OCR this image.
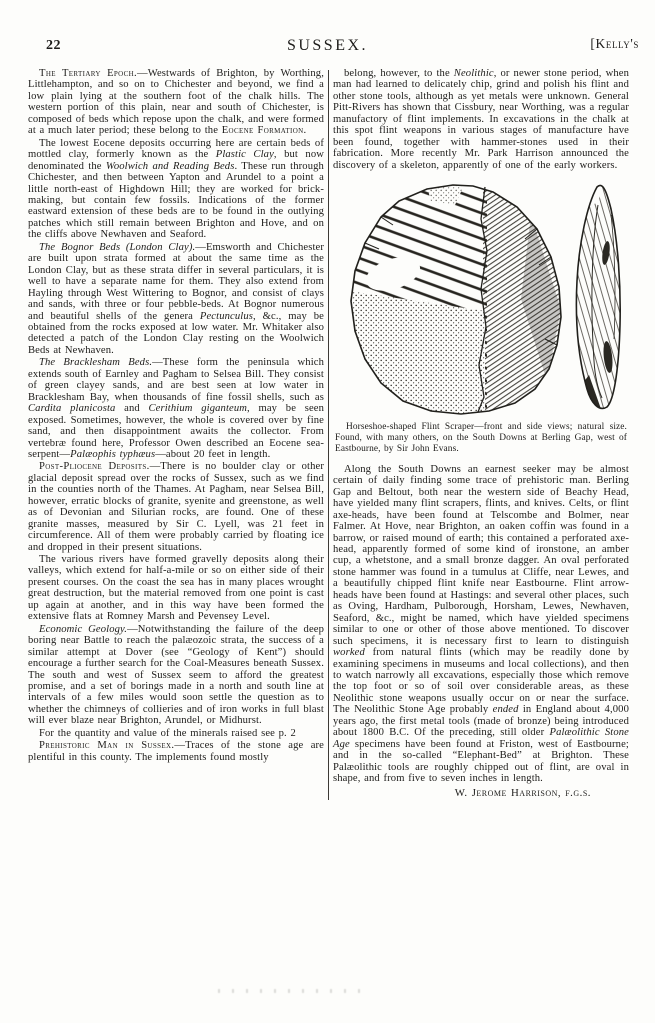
22	SUSSEX.	[Kelly's

The Tertiary Epoch.—Westwards of Brighton, by Worthing, Littlehampton, and so on to Chichester and beyond, we find a low plain lying at the southern foot of the chalk hills. The western portion of this plain, near and south of Chichester, is composed of beds which repose upon the chalk, and were formed at a much later period; these belong to the Eocene Formation.

The lowest Eocene deposits occurring here are certain beds of mottled clay, formerly known as the Plastic Clay, but now denominated the Woolwich and Reading Beds. These run through Chichester, and then between Yapton and Arundel to a point a little north-east of Highdown Hill; they are worked for brick-making, but contain few fossils. Indications of the former eastward extension of these beds are to be found in the outlying patches which still remain between Brighton and Hove, and on the cliffs above Newhaven and Seaford.

The Bognor Beds (London Clay).—Emsworth and Chichester are built upon strata formed at about the same time as the London Clay, but as these strata differ in several particulars, it is well to have a separate name for them. They also extend from Hayling through West Wittering to Bognor, and consist of clays and sands, with three or four pebble-beds. At Bognor numerous and beautiful shells of the genera Pectunculus, &c., may be obtained from the rocks exposed at low water. Mr. Whitaker also detected a patch of the London Clay resting on the Woolwich Beds at Newhaven.

The Bracklesham Beds.—These form the peninsula which extends south of Earnley and Pagham to Selsea Bill. They consist of green clayey sands, and are best seen at low water in Bracklesham Bay, when thousands of fine fossil shells, such as Cardita planicosta and Cerithium giganteum, may be seen exposed. Sometimes, however, the whole is covered over by fine sand, and then disappointment awaits the collector. From vertebræ found here, Professor Owen described an Eocene sea-serpent—Palæophis typhæus—about 20 feet in length.

Post-Pliocene Deposits.—There is no boulder clay or other glacial deposit spread over the rocks of Sussex, such as we find in the counties north of the Thames. At Pagham, near Selsea Bill, however, erratic blocks of granite, syenite and greenstone, as well as of Devonian and Silurian rocks, are found. One of these granite masses, measured by Sir C. Lyell, was 21 feet in circumference. All of them were probably carried by floating ice and dropped in their present situations.

The various rivers have formed gravelly deposits along their valleys, which extend for half-a-mile or so on either side of their present courses. On the coast the sea has in many places wrought great destruction, but the material removed from one point is cast up again at another, and in this way have been formed the extensive flats at Romney Marsh and Pevensey Level.

Economic Geology.—Notwithstanding the failure of the deep boring near Battle to reach the palæozoic strata, the success of a similar attempt at Dover (see “Geology of Kent”) should encourage a further search for the Coal-Measures beneath Sussex. The south and west of Sussex seem to afford the greatest promise, and a set of borings made in a north and south line at intervals of a few miles would soon settle the question as to whether the chimneys of collieries and of iron works in full blast will ever blaze near Brighton, Arundel, or Midhurst.

For the quantity and value of the minerals raised see p. 2

Prehistoric Man in Sussex.—Traces of the stone age are plentiful in this county. The implements found mostly

belong, however, to the Neolithic, or newer stone period, when man had learned to delicately chip, grind and polish his flint and other stone tools, although as yet metals were unknown. General Pitt-Rivers has shown that Cissbury, near Worthing, was a regular manufactory of flint implements. In excavations in the chalk at this spot flint weapons in various stages of manufacture have been found, together with hammer-stones used in their fabrication. More recently Mr. Park Harrison announced the discovery of a skeleton, apparently of one of the early workers.

Horseshoe-shaped Flint Scraper—front and side views; natural size. Found, with many others, on the South Downs at Berling Gap, west of Eastbourne, by Sir John Evans.

Along the South Downs an earnest seeker may be almost certain of daily finding some trace of prehistoric man. Berling Gap and Beltout, both near the western side of Beachy Head, have yielded many flint scrapers, flints, and knives. Celts, or flint axe-heads, have been found at Telscombe and Bolmer, near Falmer. At Hove, near Brighton, an oaken coffin was found in a barrow, or raised mound of earth; this contained a perforated axe-head, apparently formed of some kind of ironstone, an amber cup, a whetstone, and a small bronze dagger. An oval perforated stone hammer was found in a tumulus at Cliffe, near Lewes, and a beautifully chipped flint knife near Eastbourne. Flint arrow-heads have been found at Hastings: and several other places, such as Oving, Hardham, Pulborough, Horsham, Lewes, Newhaven, Seaford, &c., might be named, which have yielded specimens similar to one or other of those above mentioned. To discover such specimens, it is necessary first to learn to distinguish worked from natural flints (which may be readily done by examining specimens in museums and local collections), and then to watch narrowly all excavations, especially those which remove the top foot or so of soil over considerable areas, as these Neolithic stone weapons usually occur on or near the surface. The Neolithic Stone Age probably ended in England about 4,000 years ago, the first metal tools (made of bronze) being introduced about 1800 B.C. Of the preceding, still older Palæolithic Stone Age specimens have been found at Friston, west of Eastbourne; and in the so-called “Elephant-Bed” at Brighton. These Palæolithic tools are roughly chipped out of flint, are oval in shape, and from five to seven inches in length.

W. Jerome Harrison, f.g.s.
